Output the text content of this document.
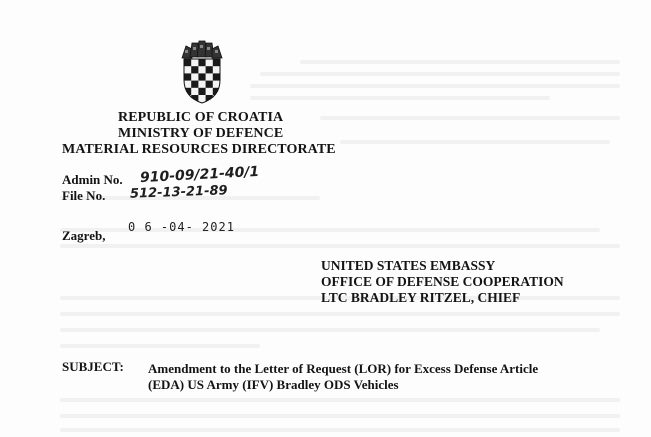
REPUBLIC OF CROATIA
MINISTRY OF DEFENCE
MATERIAL RESOURCES DIRECTORATE
Admin No. 910-09/21-40/1
File No. 512-13-21-89
Zagreb,
0 6 -04- 2021
UNITED STATES EMBASSY
OFFICE OF DEFENSE COOPERATION
LTC BRADLEY RITZEL, CHIEF
SUBJECT: Amendment to the Letter of Request (LOR) for Excess Defense Article
(EDA) US Army (IFV) Bradley ODS Vehicles
